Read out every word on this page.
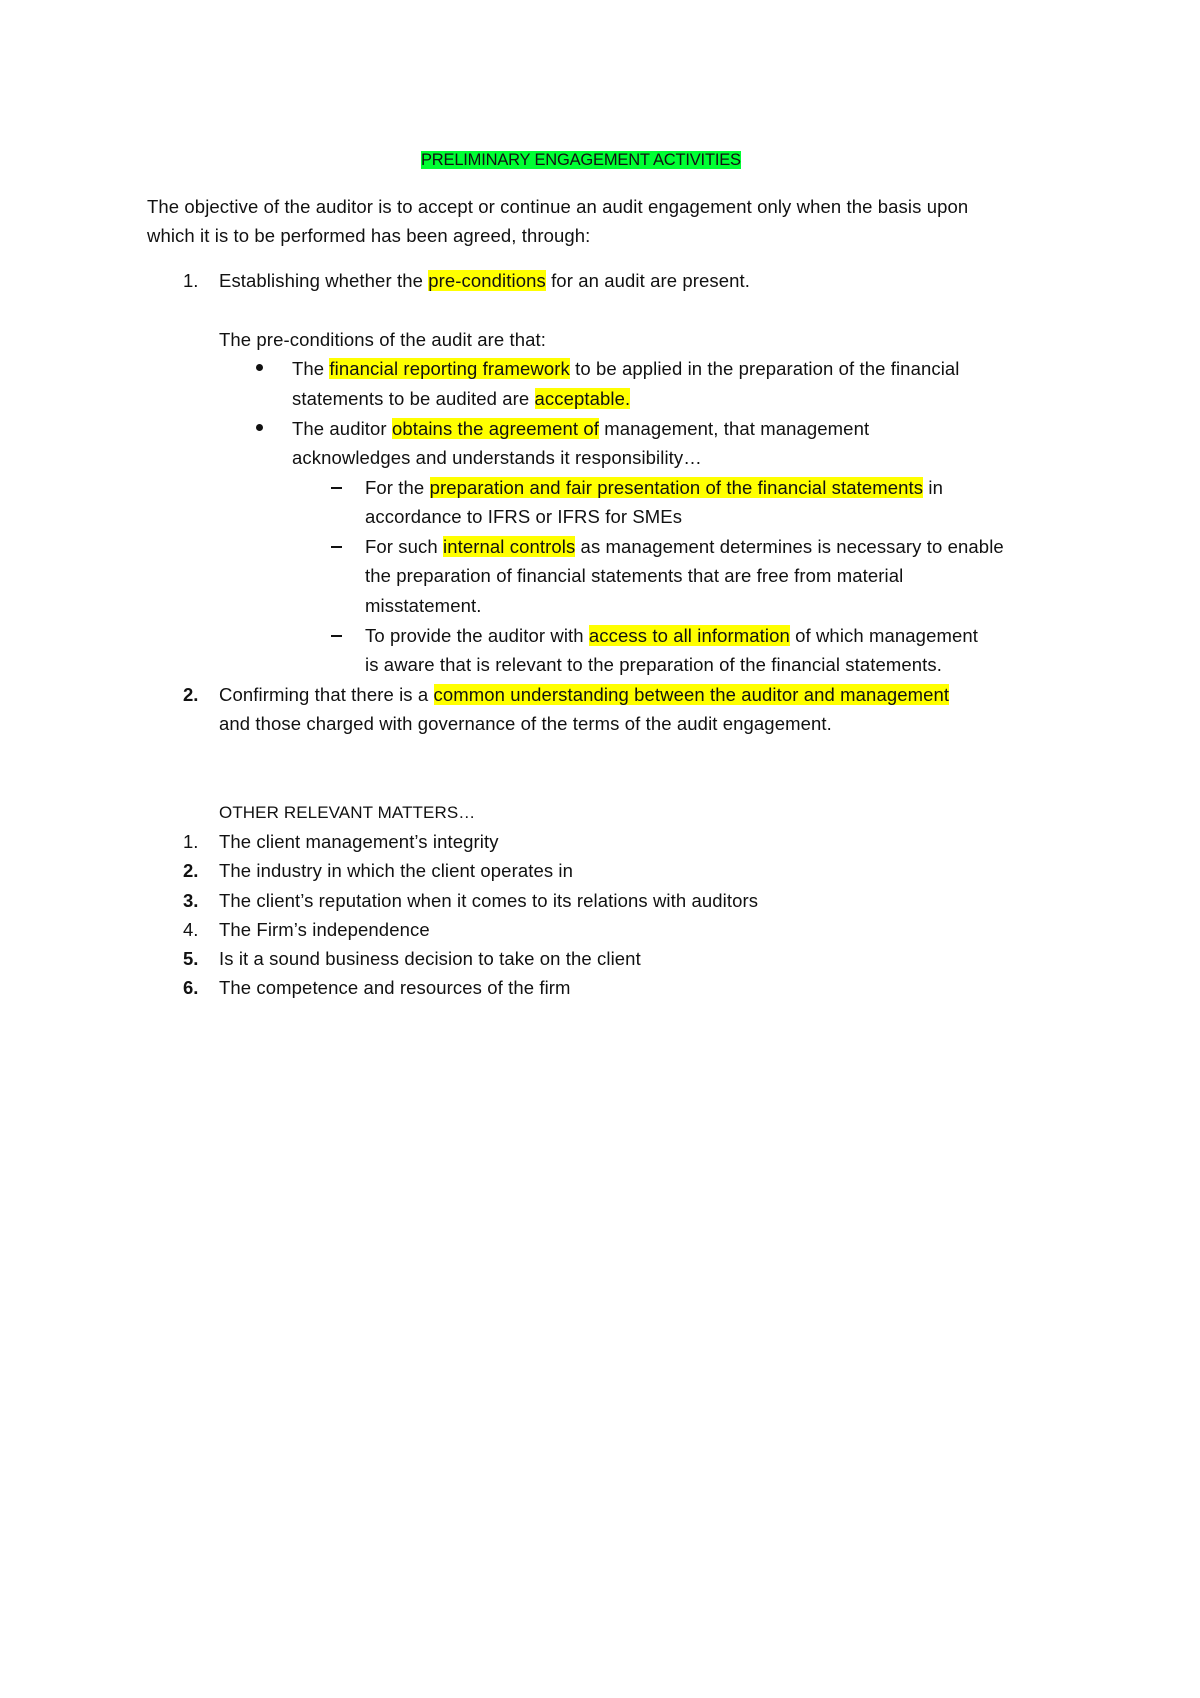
PRELIMINARY ENGAGEMENT ACTIVITIES
The objective of the auditor is to accept or continue an audit engagement only when the basis upon
which it is to be performed has been agreed, through:
1. Establishing whether the pre-conditions for an audit are present.
The pre-conditions of the audit are that:
The financial reporting framework to be applied in the preparation of the financial
statements to be audited are acceptable.
The auditor obtains the agreement of management, that management
acknowledges and understands it responsibility…
For the preparation and fair presentation of the financial statements in
accordance to IFRS or IFRS for SMEs
For such internal controls as management determines is necessary to enable
the preparation of financial statements that are free from material
misstatement.
To provide the auditor with access to all information of which management
is aware that is relevant to the preparation of the financial statements.
2. Confirming that there is a common understanding between the auditor and management
and those charged with governance of the terms of the audit engagement.
OTHER RELEVANT MATTERS…
1. The client management’s integrity
2. The industry in which the client operates in
3. The client’s reputation when it comes to its relations with auditors
4. The Firm’s independence
5. Is it a sound business decision to take on the client
6. The competence and resources of the firm
